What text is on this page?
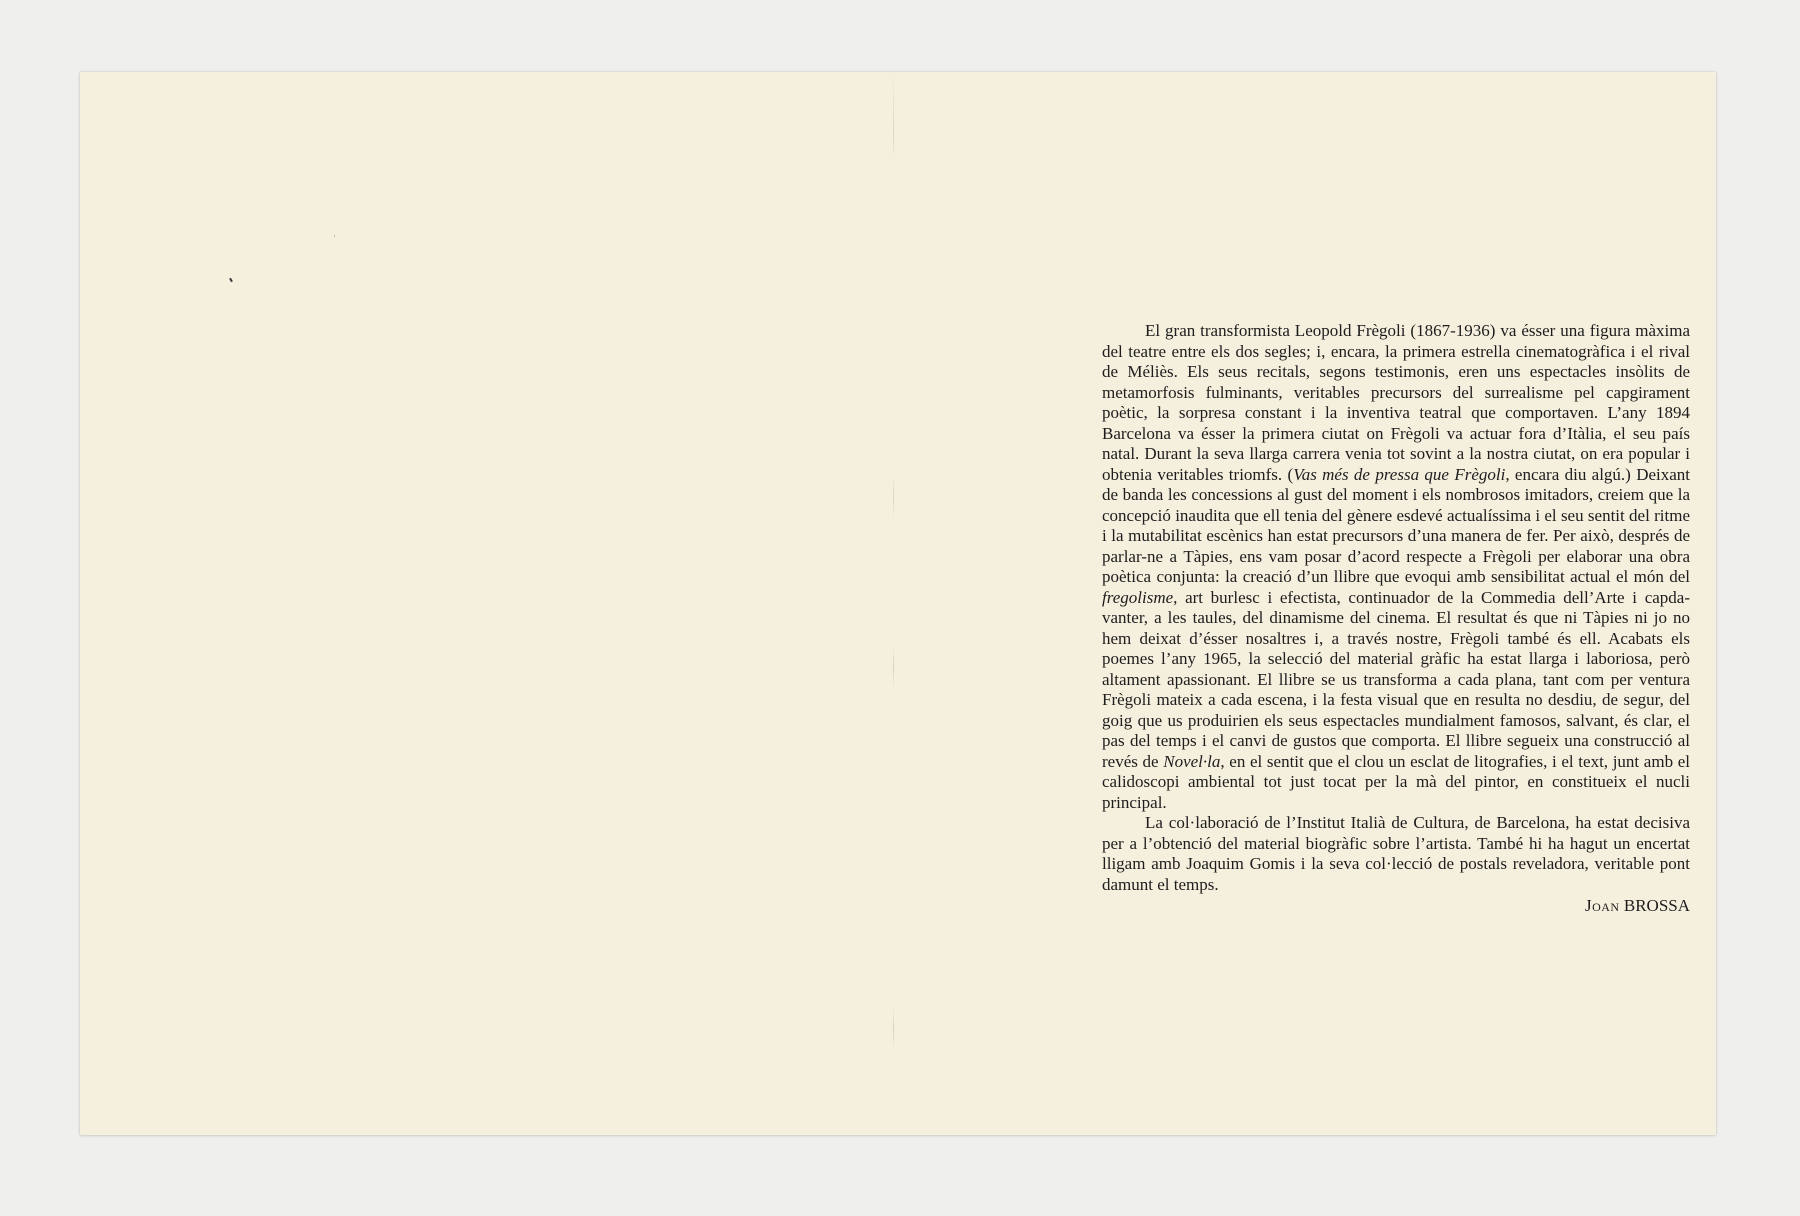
El gran transformista Leopold Frègoli (1867-1936) va ésser una figura màxima del teatre entre els dos segles; i, encara, la primera estrella cinematogràfica i el rival de Méliès. Els seus recitals, segons testimonis, eren uns espectacles insòlits de metamorfosis fulminants, veritables precursors del surrealisme pel capgirament poètic, la sorpresa constant i la inventiva teatral que comportaven. L’any 1894 Barcelona va ésser la primera ciutat on Frègoli va actuar fora d’Itàlia, el seu país natal. Durant la seva llarga carrera venia tot sovint a la nostra ciutat, on era popular i obtenia veritables triomfs. (Vas més de pressa que Frègoli, encara diu algú.) Deixant de banda les concessions al gust del moment i els nombrosos imitadors, creiem que la concepció inaudita que ell tenia del gènere esdevé actualíssima i el seu sentit del ritme i la mutabilitat escènics han estat precursors d’una manera de fer. Per això, després de parlar-ne a Tàpies, ens vam posar d’acord respecte a Frègoli per elaborar una obra poètica conjunta: la creació d’un llibre que evoqui amb sensibilitat actual el món del fregolisme, art burlesc i efectista, continuador de la Commedia dell’Arte i capdavanter, a les taules, del dinamisme del cinema. El resultat és que ni Tàpies ni jo no hem deixat d’ésser nosaltres i, a través nostre, Frègoli també és ell. Acabats els poemes l’any 1965, la selecció del material gràfic ha estat llarga i laboriosa, però altament apassionant. El llibre se us transforma a cada plana, tant com per ventura Frègoli mateix a cada escena, i la festa visual que en resulta no desdiu, de segur, del goig que us produirien els seus espectacles mundialment famosos, salvant, és clar, el pas del temps i el canvi de gustos que comporta. El llibre segueix una construcció al revés de Novel·la, en el sentit que el clou un esclat de litografies, i el text, junt amb el calidoscopi ambiental tot just tocat per la mà del pintor, en constitueix el nucli principal.

La col·laboració de l’Institut Italià de Cultura, de Barcelona, ha estat decisiva per a l’obtenció del material biogràfic sobre l’artista. També hi ha hagut un encertat lligam amb Joaquim Gomis i la seva col·lecció de postals reveladora, veritable pont damunt el temps.

Joan BROSSA
